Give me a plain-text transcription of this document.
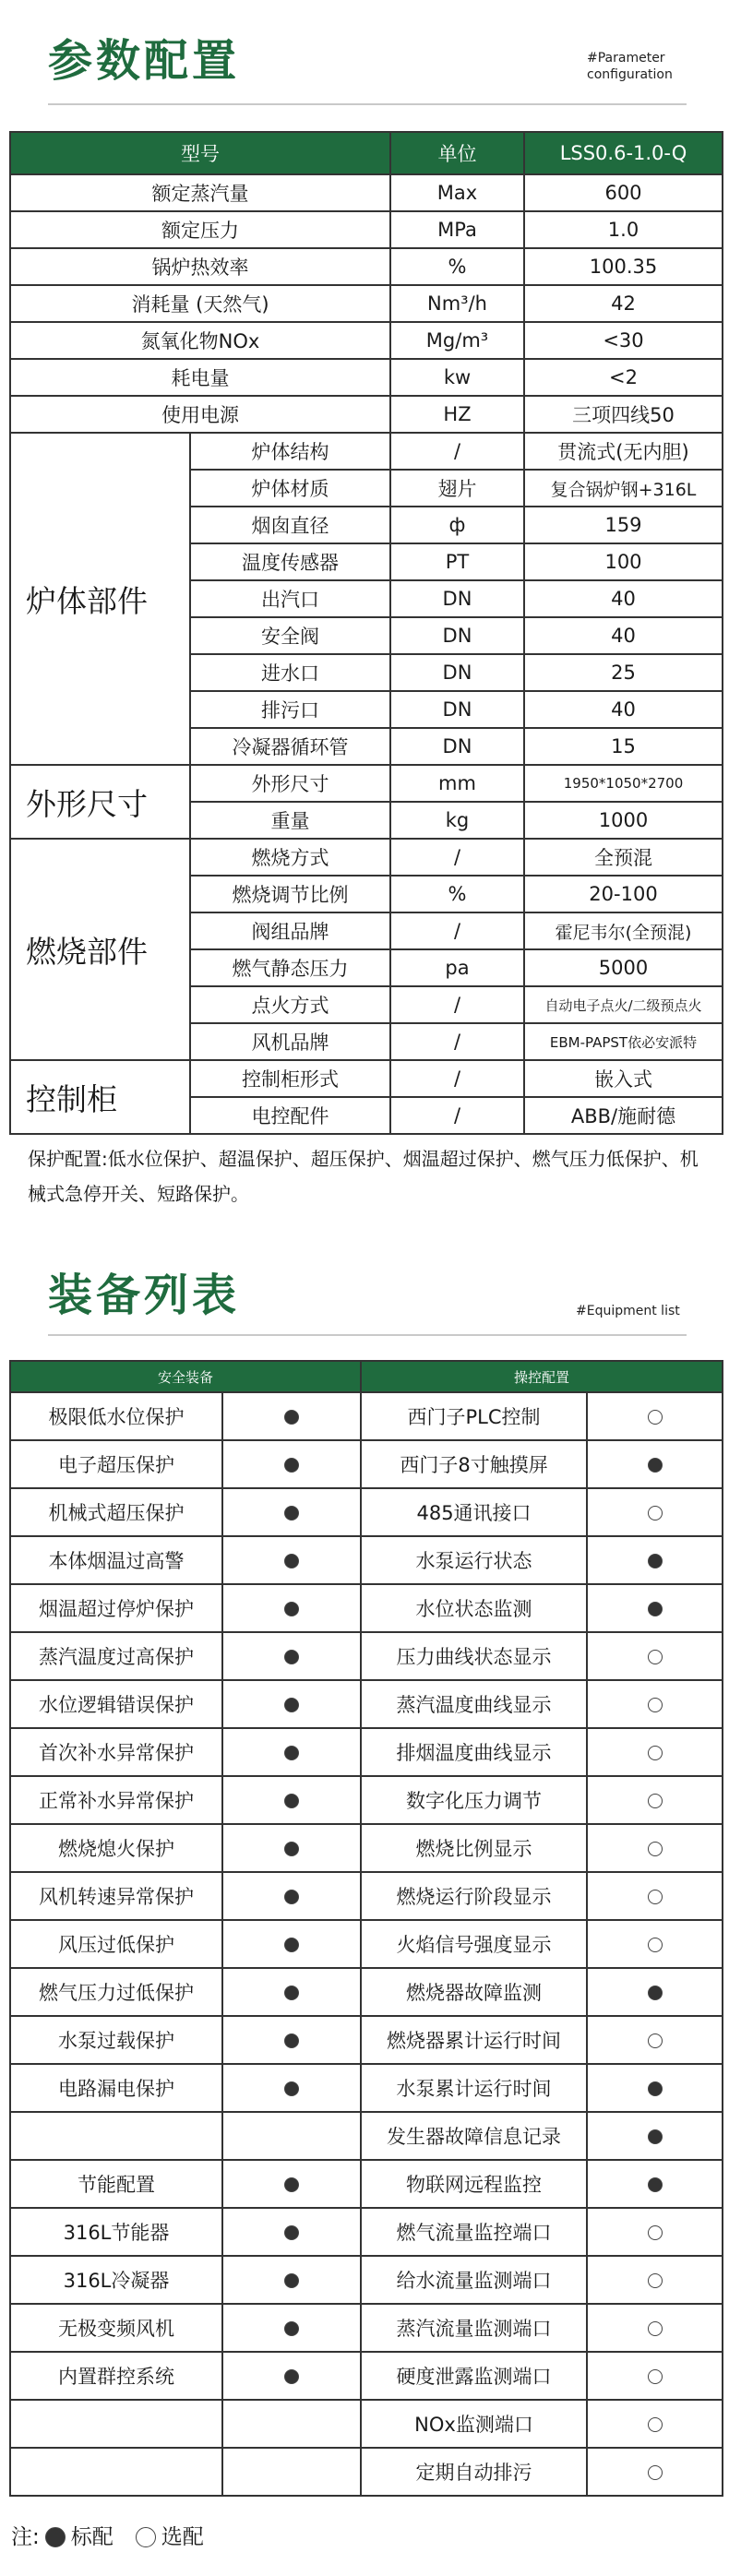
参数配置	#Parameter
configuration
型号		单位	LSS0.6-1.0-Q
额定蒸汽量		Max	600
额定压力		MPa	1.0
锅炉热效率		%	100.35
消耗量 (天然气)		Nm³/h	42
氮氧化物NOx		Mg/m³	<30
耗电量		kw	<2
使用电源		HZ	三项四线50
炉体部件	炉体结构	/	贯流式(无内胆)
	炉体材质	翅片	复合锅炉钢+316L
	烟囱直径	ф	159
	温度传感器	PT	100
	出汽口	DN	40
	安全阀	DN	40
	进水口	DN	25
	排污口	DN	40
	冷凝器循环管	DN	15
外形尺寸	外形尺寸	mm	1950*1050*2700
	重量	kg	1000
燃烧部件	燃烧方式	/	全预混
	燃烧调节比例	%	20-100
	阀组品牌	/	霍尼韦尔(全预混)
	燃气静态压力	pa	5000
	点火方式	/	自动电子点火/二级预点火
	风机品牌	/	EBM-PAPST依必安派特
控制柜	控制柜形式	/	嵌入式
	电控配件	/	ABB/施耐德
保护配置:低水位保护、超温保护、超压保护、烟温超过保护、燃气压力低保护、机械式急停开关、短路保护。
装备列表	#Equipment list
安全装备		操控配置	
极限低水位保护		西门子PLC控制	
电子超压保护		西门子8寸触摸屏	
机械式超压保护		485通讯接口	
本体烟温过高警		水泵运行状态	
烟温超过停炉保护		水位状态监测	
蒸汽温度过高保护		压力曲线状态显示	
水位逻辑错误保护		蒸汽温度曲线显示	
首次补水异常保护		排烟温度曲线显示	
正常补水异常保护		数字化压力调节	
燃烧熄火保护		燃烧比例显示	
风机转速异常保护		燃烧运行阶段显示	
风压过低保护		火焰信号强度显示	
燃气压力过低保护		燃烧器故障监测	
水泵过载保护		燃烧器累计运行时间	
电路漏电保护		水泵累计运行时间	
		发生器故障信息记录	
节能配置		物联网远程监控	
316L节能器		燃气流量监控端口	
316L冷凝器		给水流量监测端口	
无极变频风机		蒸汽流量监测端口	
内置群控系统		硬度泄露监测端口	
		NOx监测端口	
		定期自动排污	
注: 标配 选配
